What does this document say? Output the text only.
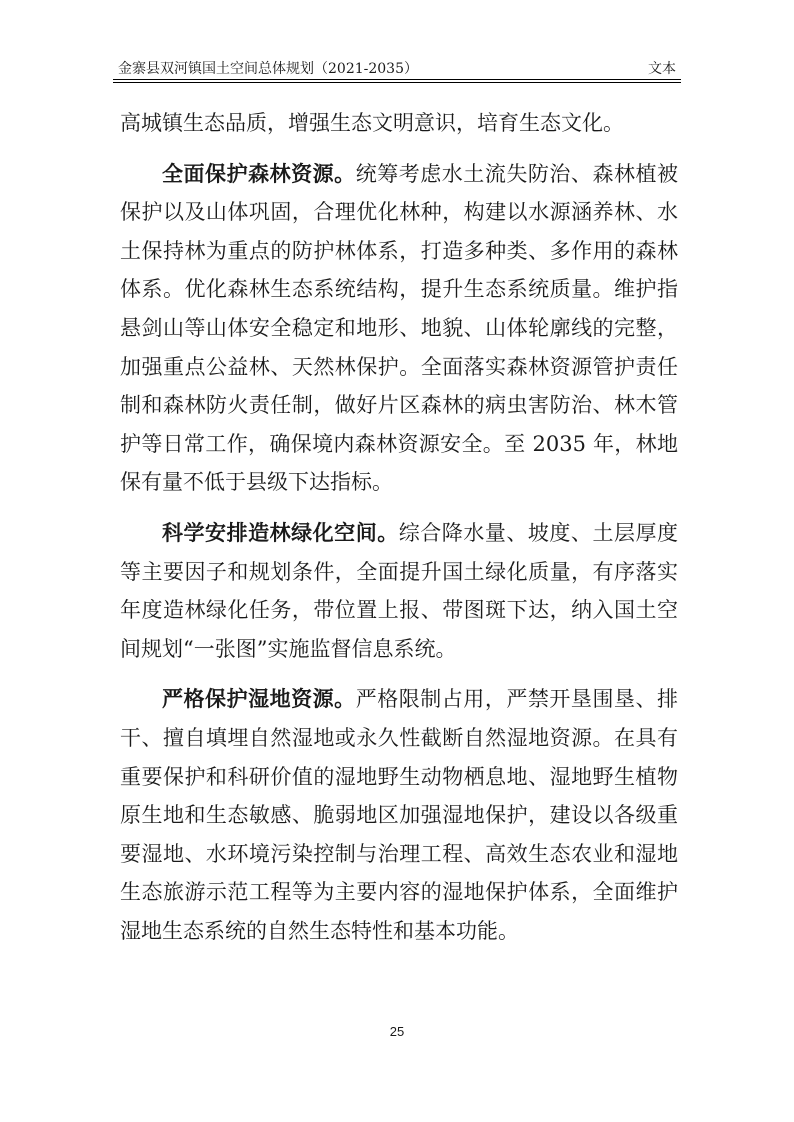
金寨县双河镇国土空间总体规划（2021-2035）	文本

高城镇生态品质，增强生态文明意识，培育生态文化。

全面保护森林资源。统筹考虑水土流失防治、森林植被保护以及山体巩固，合理优化林种，构建以水源涵养林、水土保持林为重点的防护林体系，打造多种类、多作用的森林体系。优化森林生态系统结构，提升生态系统质量。维护指悬剑山等山体安全稳定和地形、地貌、山体轮廓线的完整，加强重点公益林、天然林保护。全面落实森林资源管护责任制和森林防火责任制，做好片区森林的病虫害防治、林木管护等日常工作，确保境内森林资源安全。至 2035 年，林地保有量不低于县级下达指标。

科学安排造林绿化空间。综合降水量、坡度、土层厚度等主要因子和规划条件，全面提升国土绿化质量，有序落实年度造林绿化任务，带位置上报、带图斑下达，纳入国土空间规划“一张图”实施监督信息系统。

严格保护湿地资源。严格限制占用，严禁开垦围垦、排干、擅自填埋自然湿地或永久性截断自然湿地资源。在具有重要保护和科研价值的湿地野生动物栖息地、湿地野生植物原生地和生态敏感、脆弱地区加强湿地保护，建设以各级重要湿地、水环境污染控制与治理工程、高效生态农业和湿地生态旅游示范工程等为主要内容的湿地保护体系，全面维护湿地生态系统的自然生态特性和基本功能。

25
